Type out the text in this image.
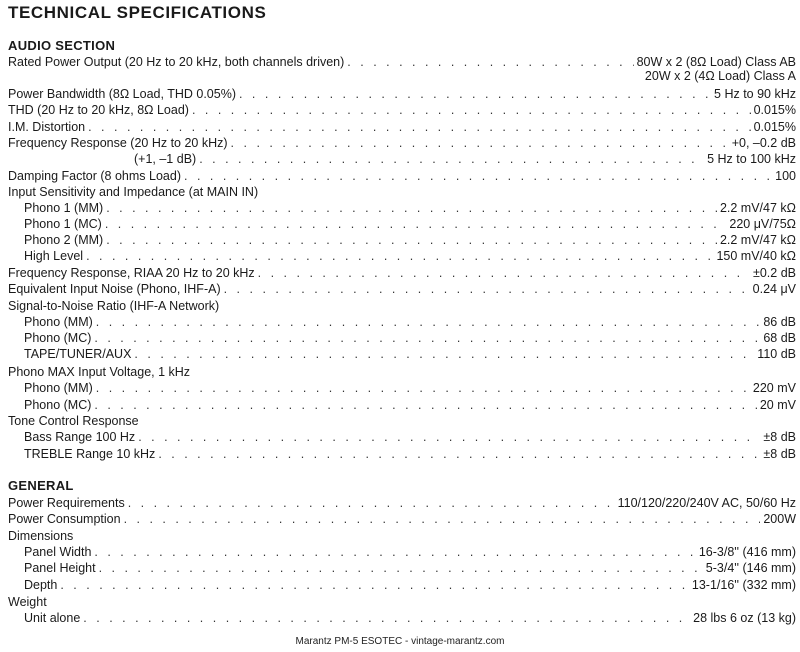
TECHNICAL SPECIFICATIONS
AUDIO SECTION
Rated Power Output (20 Hz to 20 kHz, both channels driven) . . .	80W x 2 (8Ω Load) Class AB
20W x 2 (4Ω Load) Class A
Power Bandwidth (8Ω Load, THD 0.05%) . . .	5 Hz to 90 kHz
THD (20 Hz to 20 kHz, 8Ω Load) . . .	0.015%
I.M. Distortion . . .	0.015%
Frequency Response (20 Hz to 20 kHz) . . .	+0, –0.2 dB
(+1, –1 dB) . . .	5 Hz to 100 kHz
Damping Factor (8 ohms Load) . . .	100
Input Sensitivity and Impedance (at MAIN IN)
Phono 1 (MM) . . .	2.2 mV/47 kΩ
Phono 1 (MC) . . .	220 μV/75Ω
Phono 2 (MM) . . .	2.2 mV/47 kΩ
High Level . . .	150 mV/40 kΩ
Frequency Response, RIAA 20 Hz to 20 kHz . . .	±0.2 dB
Equivalent Input Noise (Phono, IHF-A) . . .	0.24 μV
Signal-to-Noise Ratio (IHF-A Network)
Phono (MM) . . .	86 dB
Phono (MC) . . .	68 dB
TAPE/TUNER/AUX . . .	110 dB
Phono MAX Input Voltage, 1 kHz
Phono (MM) . . .	220 mV
Phono (MC) . . .	20 mV
Tone Control Response
Bass Range 100 Hz . . .	±8 dB
TREBLE Range 10 kHz . . .	±8 dB
GENERAL
Power Requirements . . .	110/120/220/240V AC, 50/60 Hz
Power Consumption . . .	200W
Dimensions
Panel Width . . .	16-3/8'' (416 mm)
Panel Height . . .	5-3/4'' (146 mm)
Depth . . .	13-1/16'' (332 mm)
Weight
Unit alone . . .	28 lbs 6 oz (13 kg)
Marantz PM-5 ESOTEC - vintage-marantz.com
